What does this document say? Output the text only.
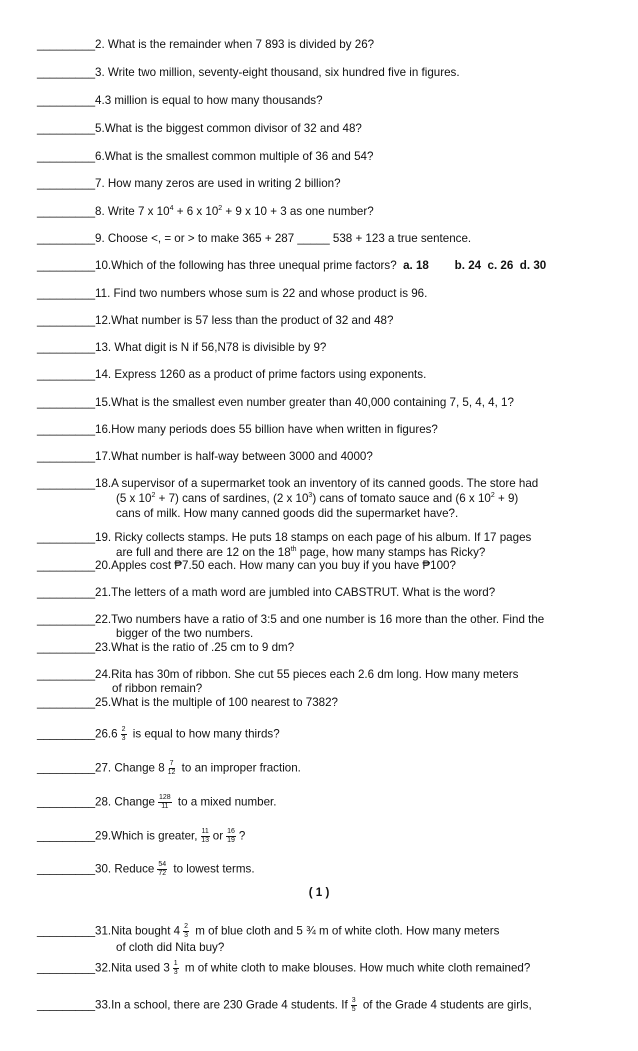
_________2. What is the remainder when 7 893 is divided by 26?
_________3. Write two million, seventy-eight thousand, six hundred five in figures.
_________4.3 million is equal to how many thousands?
_________5.What is the biggest common divisor of 32 and 48?
_________6.What is the smallest common multiple of 36 and 54?
_________7. How many zeros are used in writing 2 billion?
_________8. Write 7 x $10^4 + 6$ x $10^2 + 9$ x 10 + 3 as one number?
_________9. Choose <, = or > to make 365 + 287 _____ 538 + 123 a true sentence.
_________10.Which of the following has three unequal prime factors? a. 18 b. 24 c. 26 d. 30
_________11. Find two numbers whose sum is 22 and whose product is 96.
_________12.What number is 57 less than the product of 32 and 48?
_________13. What digit is N if 56,N78 is divisible by 9?
_________14. Express 1260 as a product of prime factors using exponents.
_________15.What is the smallest even number greater than 40,000 containing 7, 5, 4, 4, 1?
_________16.How many periods does 55 billion have when written in figures?
_________17.What number is half-way between 3000 and 4000?
_________18.A supervisor of a supermarket took an inventory of its canned goods. The store had
(5 x $10^2 + 7$) cans of sardines, (2 x $10^3$) cans of tomato sauce and (6 x $10^2 + 9$)
cans of milk. How many canned goods did the supermarket have?.
_________19. Ricky collects stamps. He puts 18 stamps on each page of his album. If 17 pages
are full and there are 12 on the 18th page, how many stamps has Ricky?
_________20.Apples cost ₱7.50 each. How many can you buy if you have ₱100?
_________21.The letters of a math word are jumbled into CABSTRUT. What is the word?
_________22.Two numbers have a ratio of 3:5 and one number is 16 more than the other. Find the
bigger of the two numbers.
_________23.What is the ratio of .25 cm to 9 dm?
_________24.Rita has 30m of ribbon. She cut 55 pieces each 2.6 dm long. How many meters
of ribbon remain?
_________25.What is the multiple of 100 nearest to 7382?
_________26.6 $\frac{2}{3}$ is equal to how many thirds?
_________27. Change $8 \frac{7}{12}$ to an improper fraction.
_________28. Change $\frac{128}{11}$ to a mixed number.
_________29.Which is greater, $\frac{11}{13}$ or $\frac{16}{19}$ ?
_________30. Reduce $\frac{54}{72}$ to lowest terms.
( 1 )
_________31.Nita bought $4 \frac{2}{3}$ m of blue cloth and 5 ¾ m of white cloth. How many meters
of cloth did Nita buy?
_________32.Nita used $3 \frac{1}{3}$ m of white cloth to make blouses. How much white cloth remained?
_________33.In a school, there are 230 Grade 4 students. If $\frac{3}{5}$ of the Grade 4 students are girls,
